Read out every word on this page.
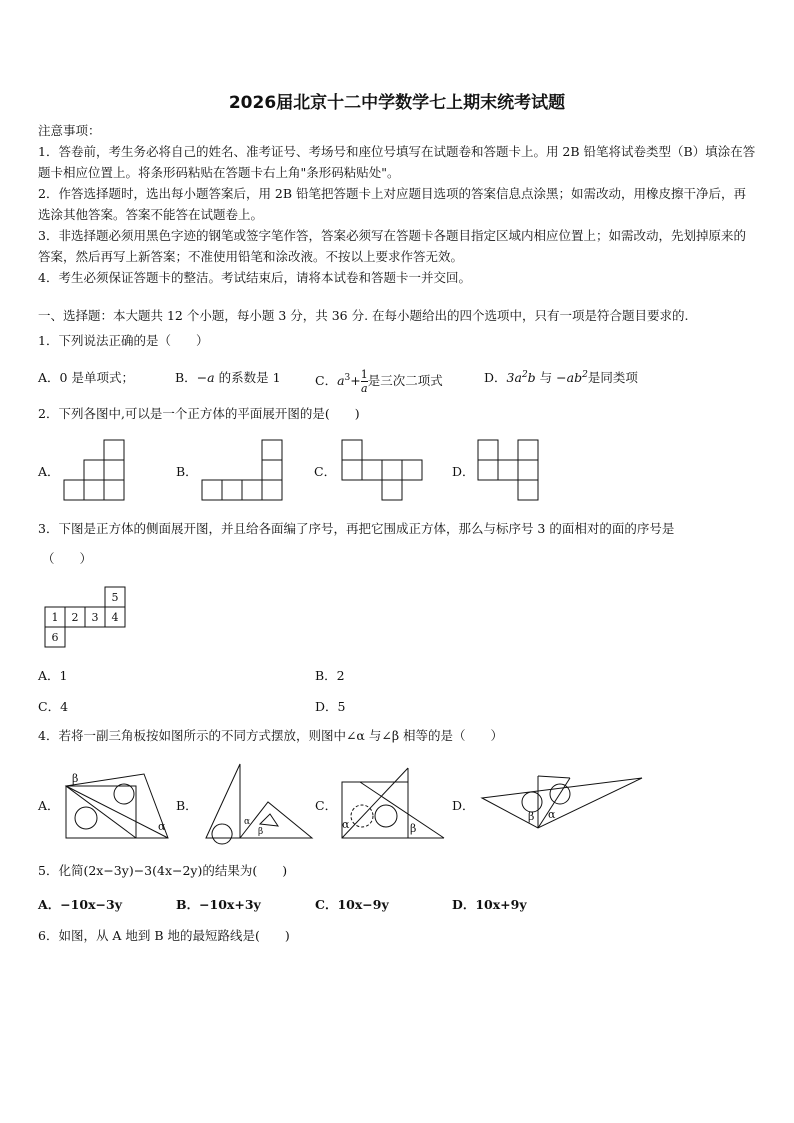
2026届北京十二中学数学七上期末统考试题

注意事项：

1．答卷前，考生务必将自己的姓名、准考证号、考场号和座位号填写在试题卷和答题卡上。用 2B 铅笔将试卷类型（B）填涂在答题卡相应位置上。将条形码粘贴在答题卡右上角"条形码粘贴处"。

2．作答选择题时，选出每小题答案后，用 2B 铅笔把答题卡上对应题目选项的答案信息点涂黑；如需改动，用橡皮擦干净后，再选涂其他答案。答案不能答在试题卷上。

3．非选择题必须用黑色字迹的钢笔或签字笔作答，答案必须写在答题卡各题目指定区域内相应位置上；如需改动，先划掉原来的答案，然后再写上新答案；不准使用铅笔和涂改液。不按以上要求作答无效。

4．考生必须保证答题卡的整洁。考试结束后，请将本试卷和答题卡一并交回。

一、选择题：本大题共 12 个小题，每小题 3 分，共 36 分. 在每小题给出的四个选项中，只有一项是符合题目要求的.
1．下列说法正确的是（　　）
A．0 是单项式；	B．−a 的系数是 1	C．$a^3+ \frac{1}{a}$ 是三次二项式	D．$3a^2b$ 与 $-ab^2$是同类项
2．下列各图中,可以是一个正方体的平面展开图的是(　　)
A．	B．	C．	D．
3．下图是正方体的侧面展开图，并且给各面编了序号，再把它围成正方体，那么与标序号 3 的面相对的面的序号是
（　　）
1 2 3 4
5
6
A．1	B．2
C．4	D．5
4．若将一副三角板按如图所示的不同方式摆放，则图中∠α 与∠β 相等的是（　　）
A．
β
α
B．
α
β
C．
α	β
D．
β α
5．化简(2x−3y)−3(4x−2y)的结果为(　　)
A．−10x−3y	B．−10x+3y	C．10x−9y	D．10x+9y
6．如图，从 A 地到 B 地的最短路线是(　　)
